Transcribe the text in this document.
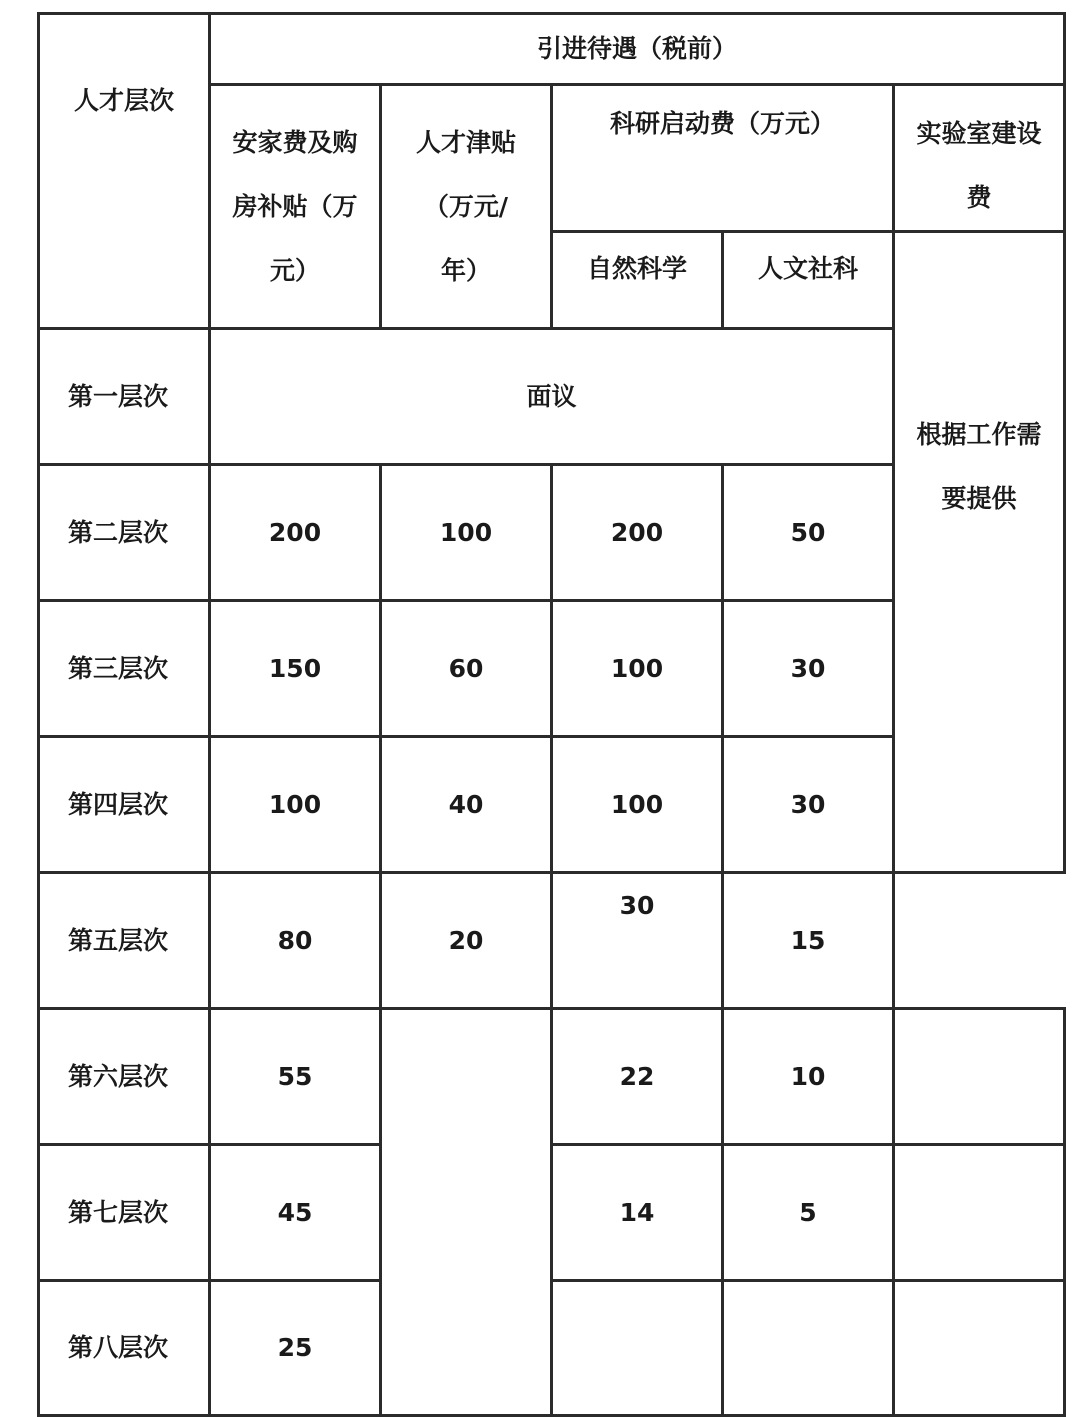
人才层次	引进待遇（税前）				

	安家费及购房补贴（万元）	人才津贴（万元/年）	科研启动费（万元）		实验室建设费

			自然科学	人文社科	根据工作需要提供

第一层次	面议				
第二层次	200	100	200	50	
第三层次	150	60	100	30	
第四层次	100	40	100	30	
第五层次	80	20	30	15	
第六层次	55		22	10	
第七层次	45		14	5	
第八层次	25				
